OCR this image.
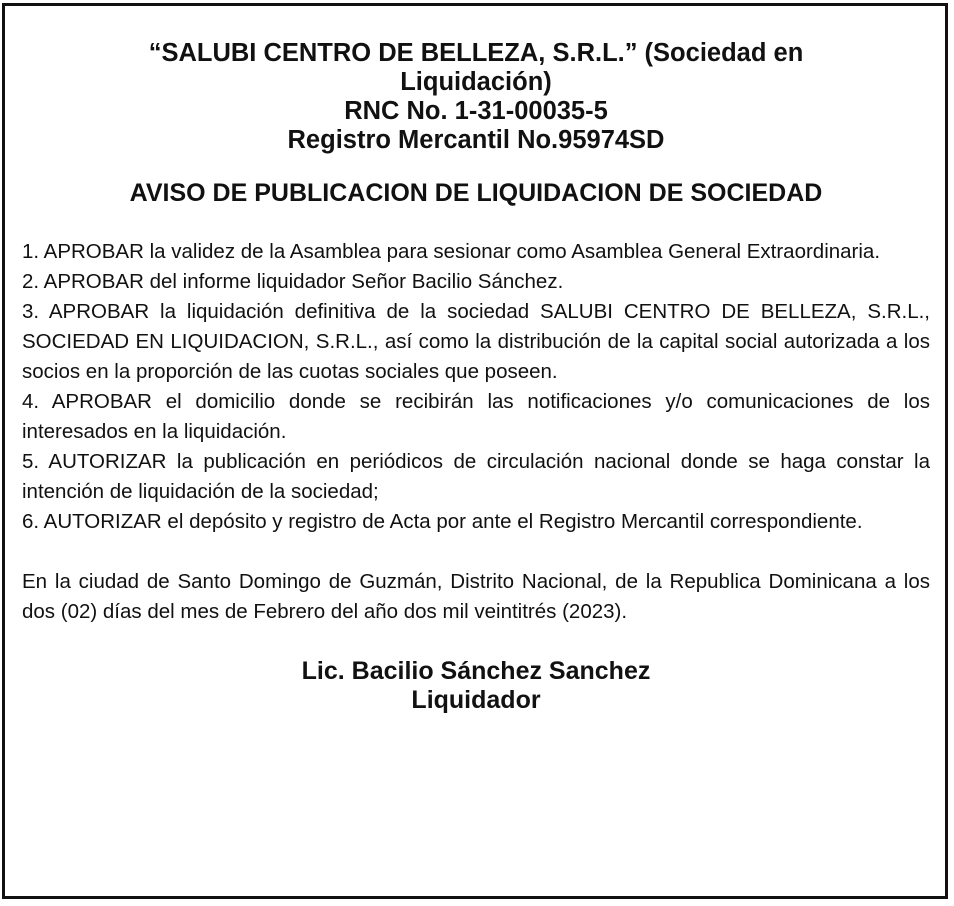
“SALUBI CENTRO DE BELLEZA, S.R.L.” (Sociedad en Liquidación)
RNC No. 1-31-00035-5
Registro Mercantil No.95974SD
AVISO DE PUBLICACION DE LIQUIDACION DE SOCIEDAD

1. APROBAR la validez de la Asamblea para sesionar como Asamblea General Extraordinaria.

2. APROBAR del informe liquidador Señor Bacilio Sánchez.

3. APROBAR la liquidación definitiva de la sociedad SALUBI CENTRO DE BELLEZA, S.R.L., SOCIEDAD EN LIQUIDACION, S.R.L., así como la distribución de la capital social autorizada a los socios en la proporción de las cuotas sociales que poseen.

4. APROBAR el domicilio donde se recibirán las notificaciones y/o comunicaciones de los interesados en la liquidación.

5. AUTORIZAR la publicación en periódicos de circulación nacional donde se haga constar la intención de liquidación de la sociedad;

6. AUTORIZAR el depósito y registro de Acta por ante el Registro Mercantil correspondiente.

En la ciudad de Santo Domingo de Guzmán, Distrito Nacional, de la Republica Dominicana a los dos (02) días del mes de Febrero del año dos mil veintitrés (2023).
Lic. Bacilio Sánchez Sanchez
Liquidador
